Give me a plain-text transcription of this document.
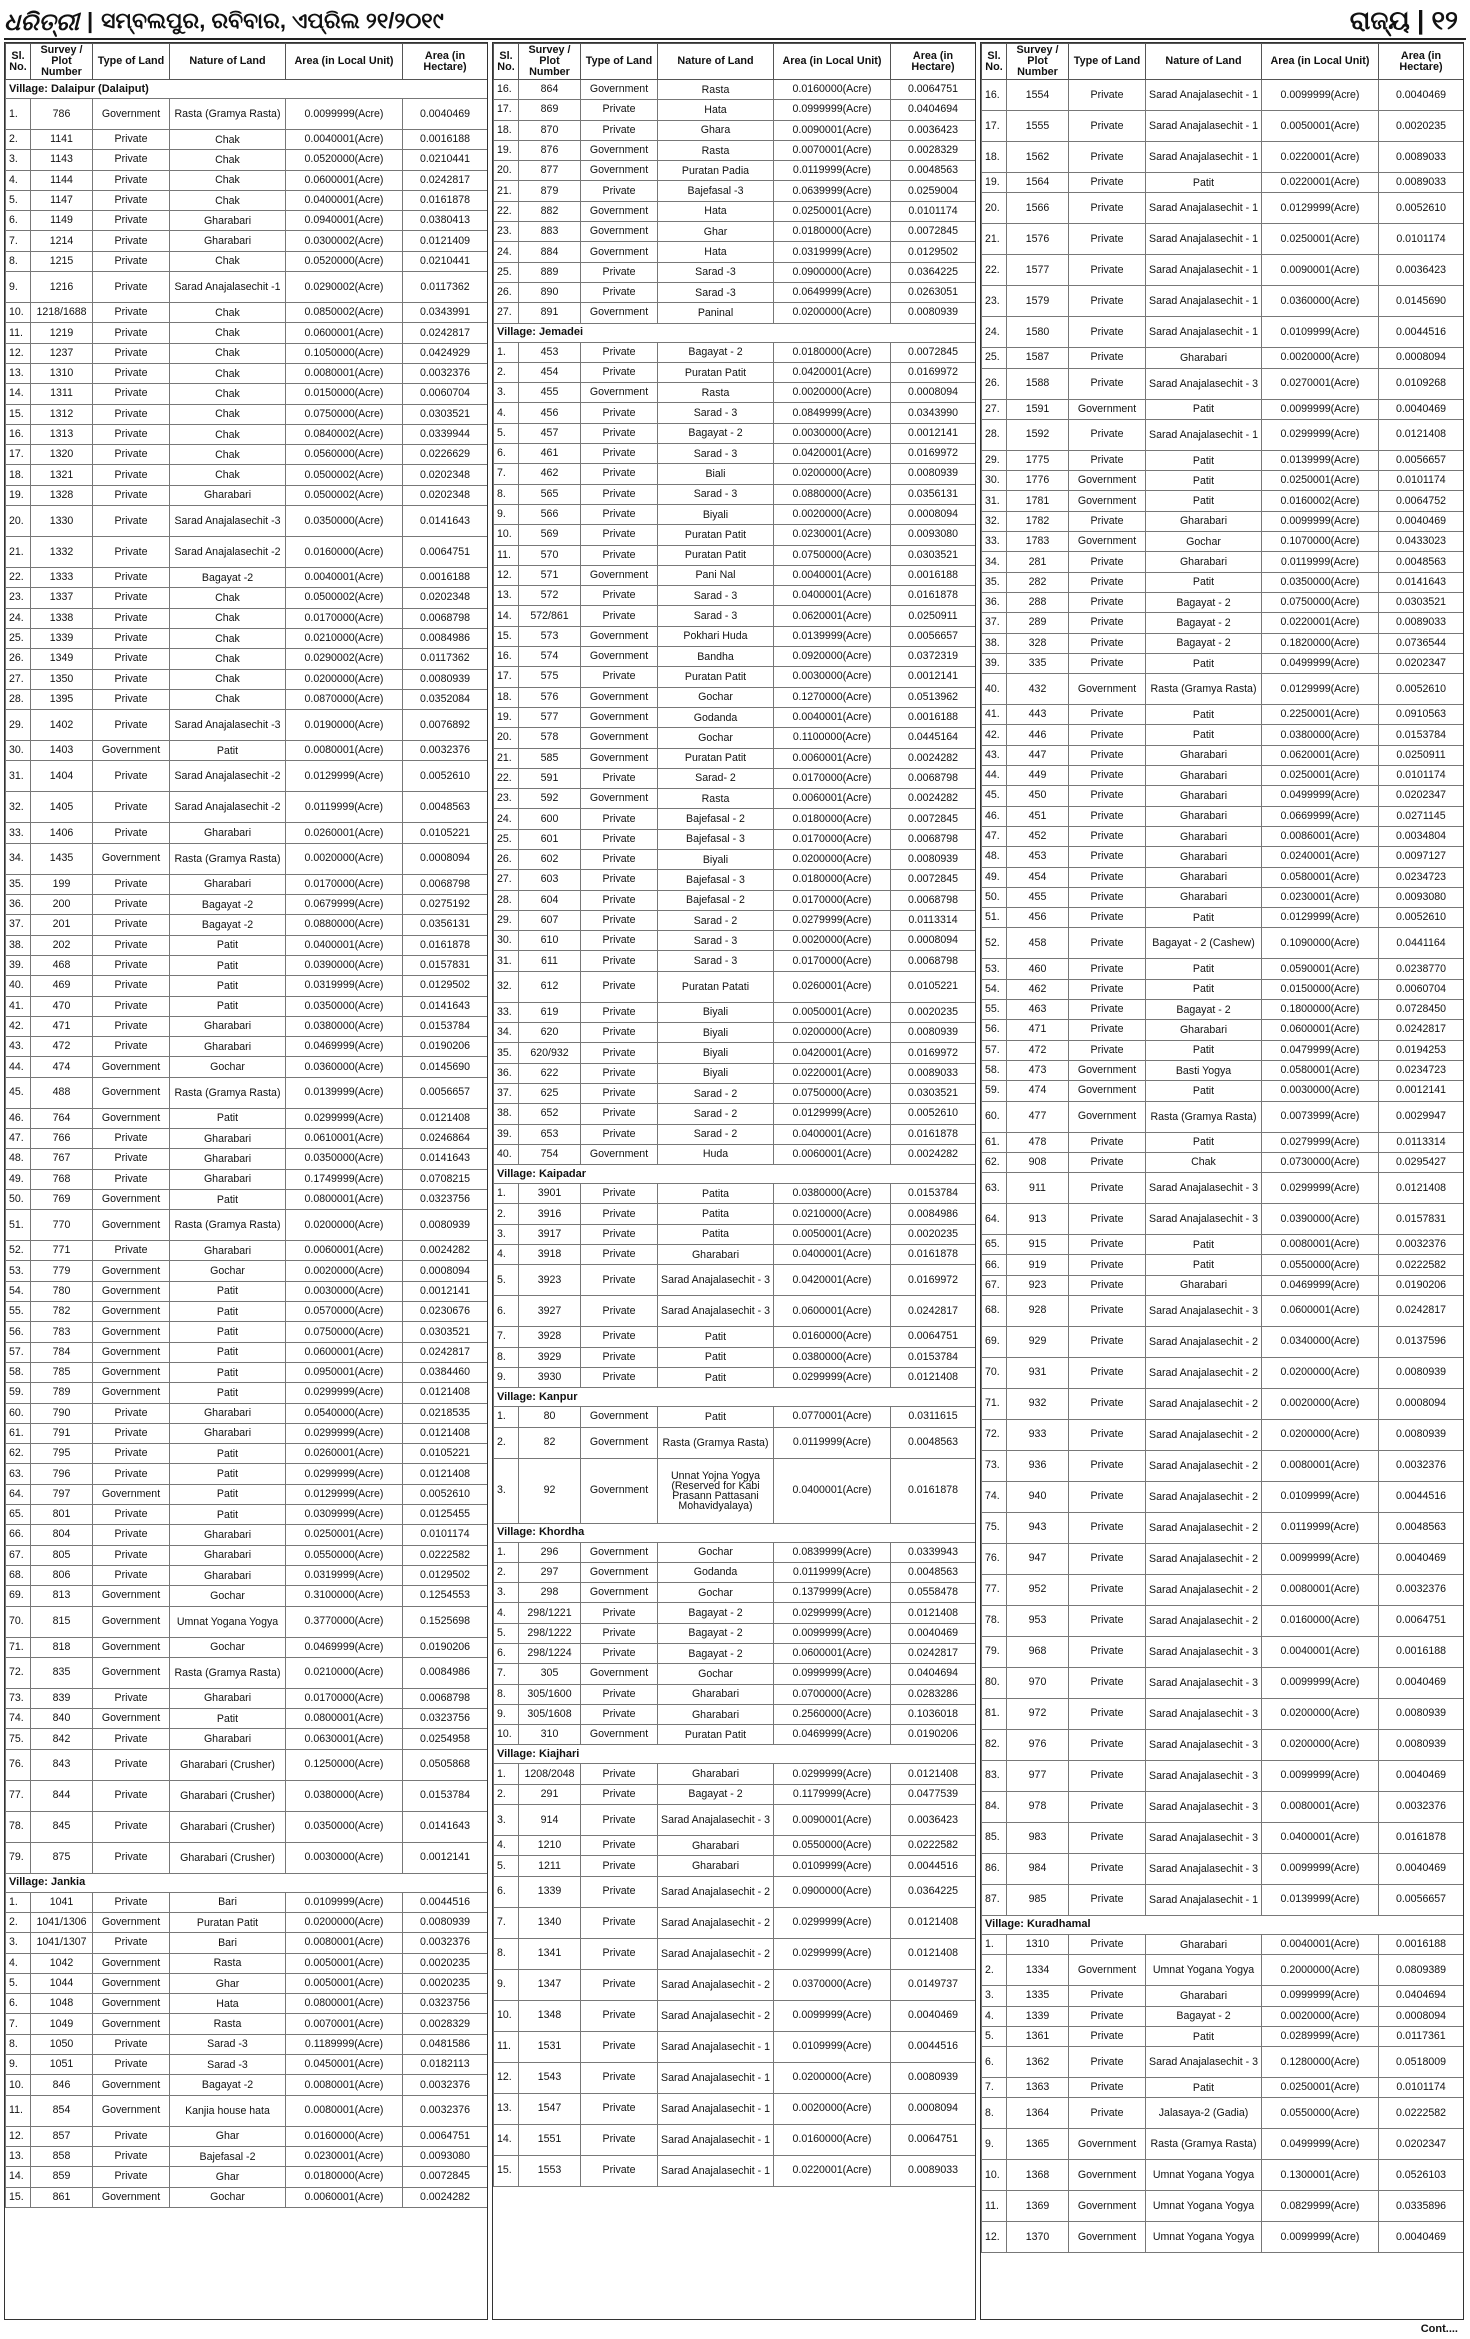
ଧରିତ୍ରୀ | ସମ୍ବଲପୁର, ରବିବାର, ଏପ୍ରିଲ ୨୧/୨୦୧୯	ରାଜ୍ୟ | ୧୨
Sl. No.	Survey / Plot Number	Type of Land	Nature of Land	Area (in Local Unit)	Area (in Hectare)
Village: Dalaipur (Dalaiput)					
1.	786	Government	Rasta (Gramya Rasta)	0.0099999(Acre)	0.0040469
2.	1141	Private	Chak	0.0040001(Acre)	0.0016188
3.	1143	Private	Chak	0.0520000(Acre)	0.0210441
4.	1144	Private	Chak	0.0600001(Acre)	0.0242817
5.	1147	Private	Chak	0.0400001(Acre)	0.0161878
6.	1149	Private	Gharabari	0.0940001(Acre)	0.0380413
7.	1214	Private	Gharabari	0.0300002(Acre)	0.0121409
8.	1215	Private	Chak	0.0520000(Acre)	0.0210441
9.	1216	Private	Sarad Anajalasechit -1	0.0290002(Acre)	0.0117362
10.	1218/1688	Private	Chak	0.0850002(Acre)	0.0343991
11.	1219	Private	Chak	0.0600001(Acre)	0.0242817
12.	1237	Private	Chak	0.1050000(Acre)	0.0424929
13.	1310	Private	Chak	0.0080001(Acre)	0.0032376
14.	1311	Private	Chak	0.0150000(Acre)	0.0060704
15.	1312	Private	Chak	0.0750000(Acre)	0.0303521
16.	1313	Private	Chak	0.0840002(Acre)	0.0339944
17.	1320	Private	Chak	0.0560000(Acre)	0.0226629
18.	1321	Private	Chak	0.0500002(Acre)	0.0202348
19.	1328	Private	Gharabari	0.0500002(Acre)	0.0202348
20.	1330	Private	Sarad Anajalasechit -3	0.0350000(Acre)	0.0141643
21.	1332	Private	Sarad Anajalasechit -2	0.0160000(Acre)	0.0064751
22.	1333	Private	Bagayat -2	0.0040001(Acre)	0.0016188
23.	1337	Private	Chak	0.0500002(Acre)	0.0202348
24.	1338	Private	Chak	0.0170000(Acre)	0.0068798
25.	1339	Private	Chak	0.0210000(Acre)	0.0084986
26.	1349	Private	Chak	0.0290002(Acre)	0.0117362
27.	1350	Private	Chak	0.0200000(Acre)	0.0080939
28.	1395	Private	Chak	0.0870000(Acre)	0.0352084
29.	1402	Private	Sarad Anajalasechit -3	0.0190000(Acre)	0.0076892
30.	1403	Government	Patit	0.0080001(Acre)	0.0032376
31.	1404	Private	Sarad Anajalasechit -2	0.0129999(Acre)	0.0052610
32.	1405	Private	Sarad Anajalasechit -2	0.0119999(Acre)	0.0048563
33.	1406	Private	Gharabari	0.0260001(Acre)	0.0105221
34.	1435	Government	Rasta (Gramya Rasta)	0.0020000(Acre)	0.0008094
35.	199	Private	Gharabari	0.0170000(Acre)	0.0068798
36.	200	Private	Bagayat -2	0.0679999(Acre)	0.0275192
37.	201	Private	Bagayat -2	0.0880000(Acre)	0.0356131
38.	202	Private	Patit	0.0400001(Acre)	0.0161878
39.	468	Private	Patit	0.0390000(Acre)	0.0157831
40.	469	Private	Patit	0.0319999(Acre)	0.0129502
41.	470	Private	Patit	0.0350000(Acre)	0.0141643
42.	471	Private	Gharabari	0.0380000(Acre)	0.0153784
43.	472	Private	Gharabari	0.0469999(Acre)	0.0190206
44.	474	Government	Gochar	0.0360000(Acre)	0.0145690
45.	488	Government	Rasta (Gramya Rasta)	0.0139999(Acre)	0.0056657
46.	764	Government	Patit	0.0299999(Acre)	0.0121408
47.	766	Private	Gharabari	0.0610001(Acre)	0.0246864
48.	767	Private	Gharabari	0.0350000(Acre)	0.0141643
49.	768	Private	Gharabari	0.1749999(Acre)	0.0708215
50.	769	Government	Patit	0.0800001(Acre)	0.0323756
51.	770	Government	Rasta (Gramya Rasta)	0.0200000(Acre)	0.0080939
52.	771	Private	Gharabari	0.0060001(Acre)	0.0024282
53.	779	Government	Gochar	0.0020000(Acre)	0.0008094
54.	780	Government	Patit	0.0030000(Acre)	0.0012141
55.	782	Government	Patit	0.0570000(Acre)	0.0230676
56.	783	Government	Patit	0.0750000(Acre)	0.0303521
57.	784	Government	Patit	0.0600001(Acre)	0.0242817
58.	785	Government	Patit	0.0950001(Acre)	0.0384460
59.	789	Government	Patit	0.0299999(Acre)	0.0121408
60.	790	Private	Gharabari	0.0540000(Acre)	0.0218535
61.	791	Private	Gharabari	0.0299999(Acre)	0.0121408
62.	795	Private	Patit	0.0260001(Acre)	0.0105221
63.	796	Private	Patit	0.0299999(Acre)	0.0121408
64.	797	Government	Patit	0.0129999(Acre)	0.0052610
65.	801	Private	Patit	0.0309999(Acre)	0.0125455
66.	804	Private	Gharabari	0.0250001(Acre)	0.0101174
67.	805	Private	Gharabari	0.0550000(Acre)	0.0222582
68.	806	Private	Gharabari	0.0319999(Acre)	0.0129502
69.	813	Government	Gochar	0.3100000(Acre)	0.1254553
70.	815	Government	Umnat Yogana Yogya	0.3770000(Acre)	0.1525698
71.	818	Government	Gochar	0.0469999(Acre)	0.0190206
72.	835	Government	Rasta (Gramya Rasta)	0.0210000(Acre)	0.0084986
73.	839	Private	Gharabari	0.0170000(Acre)	0.0068798
74.	840	Government	Patit	0.0800001(Acre)	0.0323756
75.	842	Private	Gharabari	0.0630001(Acre)	0.0254958
76.	843	Private	Gharabari (Crusher)	0.1250000(Acre)	0.0505868
77.	844	Private	Gharabari (Crusher)	0.0380000(Acre)	0.0153784
78.	845	Private	Gharabari (Crusher)	0.0350000(Acre)	0.0141643
79.	875	Private	Gharabari (Crusher)	0.0030000(Acre)	0.0012141
Village: Jankia					
1.	1041	Private	Bari	0.0109999(Acre)	0.0044516
2.	1041/1306	Government	Puratan Patit	0.0200000(Acre)	0.0080939
3.	1041/1307	Private	Bari	0.0080001(Acre)	0.0032376
4.	1042	Government	Rasta	0.0050001(Acre)	0.0020235
5.	1044	Government	Ghar	0.0050001(Acre)	0.0020235
6.	1048	Government	Hata	0.0800001(Acre)	0.0323756
7.	1049	Government	Rasta	0.0070001(Acre)	0.0028329
8.	1050	Private	Sarad -3	0.1189999(Acre)	0.0481586
9.	1051	Private	Sarad -3	0.0450001(Acre)	0.0182113
10.	846	Government	Bagayat -2	0.0080001(Acre)	0.0032376
11.	854	Government	Kanjia house hata	0.0080001(Acre)	0.0032376
12.	857	Private	Ghar	0.0160000(Acre)	0.0064751
13.	858	Private	Bajefasal -2	0.0230001(Acre)	0.0093080
14.	859	Private	Ghar	0.0180000(Acre)	0.0072845
15.	861	Government	Gochar	0.0060001(Acre)	0.0024282
Sl. No.	Survey / Plot Number	Type of Land	Nature of Land	Area (in Local Unit)	Area (in Hectare)
16.	864	Government	Rasta	0.0160000(Acre)	0.0064751
17.	869	Private	Hata	0.0999999(Acre)	0.0404694
18.	870	Private	Ghara	0.0090001(Acre)	0.0036423
19.	876	Government	Rasta	0.0070001(Acre)	0.0028329
20.	877	Government	Puratan Padia	0.0119999(Acre)	0.0048563
21.	879	Private	Bajefasal -3	0.0639999(Acre)	0.0259004
22.	882	Government	Hata	0.0250001(Acre)	0.0101174
23.	883	Government	Ghar	0.0180000(Acre)	0.0072845
24.	884	Government	Hata	0.0319999(Acre)	0.0129502
25.	889	Private	Sarad -3	0.0900000(Acre)	0.0364225
26.	890	Private	Sarad -3	0.0649999(Acre)	0.0263051
27.	891	Government	Paninal	0.0200000(Acre)	0.0080939
Village: Jemadei					
1.	453	Private	Bagayat - 2	0.0180000(Acre)	0.0072845
2.	454	Private	Puratan Patit	0.0420001(Acre)	0.0169972
3.	455	Government	Rasta	0.0020000(Acre)	0.0008094
4.	456	Private	Sarad - 3	0.0849999(Acre)	0.0343990
5.	457	Private	Bagayat - 2	0.0030000(Acre)	0.0012141
6.	461	Private	Sarad - 3	0.0420001(Acre)	0.0169972
7.	462	Private	Biali	0.0200000(Acre)	0.0080939
8.	565	Private	Sarad - 3	0.0880000(Acre)	0.0356131
9.	566	Private	Biyali	0.0020000(Acre)	0.0008094
10.	569	Private	Puratan Patit	0.0230001(Acre)	0.0093080
11.	570	Private	Puratan Patit	0.0750000(Acre)	0.0303521
12.	571	Government	Pani Nal	0.0040001(Acre)	0.0016188
13.	572	Private	Sarad - 3	0.0400001(Acre)	0.0161878
14.	572/861	Private	Sarad - 3	0.0620001(Acre)	0.0250911
15.	573	Government	Pokhari Huda	0.0139999(Acre)	0.0056657
16.	574	Government	Bandha	0.0920000(Acre)	0.0372319
17.	575	Private	Puratan Patit	0.0030000(Acre)	0.0012141
18.	576	Government	Gochar	0.1270000(Acre)	0.0513962
19.	577	Government	Godanda	0.0040001(Acre)	0.0016188
20.	578	Government	Gochar	0.1100000(Acre)	0.0445164
21.	585	Government	Puratan Patit	0.0060001(Acre)	0.0024282
22.	591	Private	Sarad- 2	0.0170000(Acre)	0.0068798
23.	592	Government	Rasta	0.0060001(Acre)	0.0024282
24.	600	Private	Bajefasal - 2	0.0180000(Acre)	0.0072845
25.	601	Private	Bajefasal - 3	0.0170000(Acre)	0.0068798
26.	602	Private	Biyali	0.0200000(Acre)	0.0080939
27.	603	Private	Bajefasal - 3	0.0180000(Acre)	0.0072845
28.	604	Private	Bajefasal - 2	0.0170000(Acre)	0.0068798
29.	607	Private	Sarad - 2	0.0279999(Acre)	0.0113314
30.	610	Private	Sarad - 3	0.0020000(Acre)	0.0008094
31.	611	Private	Sarad - 3	0.0170000(Acre)	0.0068798
32.	612	Private	Puratan Patati	0.0260001(Acre)	0.0105221
33.	619	Private	Biyali	0.0050001(Acre)	0.0020235
34.	620	Private	Biyali	0.0200000(Acre)	0.0080939
35.	620/932	Private	Biyali	0.0420001(Acre)	0.0169972
36.	622	Private	Biyali	0.0220001(Acre)	0.0089033
37.	625	Private	Sarad - 2	0.0750000(Acre)	0.0303521
38.	652	Private	Sarad - 2	0.0129999(Acre)	0.0052610
39.	653	Private	Sarad - 2	0.0400001(Acre)	0.0161878
40.	754	Government	Huda	0.0060001(Acre)	0.0024282
Village: Kaipadar					
1.	3901	Private	Patita	0.0380000(Acre)	0.0153784
2.	3916	Private	Patita	0.0210000(Acre)	0.0084986
3.	3917	Private	Patita	0.0050001(Acre)	0.0020235
4.	3918	Private	Gharabari	0.0400001(Acre)	0.0161878
5.	3923	Private	Sarad Anajalasechit - 3	0.0420001(Acre)	0.0169972
6.	3927	Private	Sarad Anajalasechit - 3	0.0600001(Acre)	0.0242817
7.	3928	Private	Patit	0.0160000(Acre)	0.0064751
8.	3929	Private	Patit	0.0380000(Acre)	0.0153784
9.	3930	Private	Patit	0.0299999(Acre)	0.0121408
Village: Kanpur					
1.	80	Government	Patit	0.0770001(Acre)	0.0311615
2.	82	Government	Rasta (Gramya Rasta)	0.0119999(Acre)	0.0048563
3.	92	Government	Unnat Yojna Yogya (Reserved for Kabi Prasann Pattasani Mohavidyalaya)	0.0400001(Acre)	0.0161878
Village: Khordha					
1.	296	Government	Gochar	0.0839999(Acre)	0.0339943
2.	297	Government	Godanda	0.0119999(Acre)	0.0048563
3.	298	Government	Gochar	0.1379999(Acre)	0.0558478
4.	298/1221	Private	Bagayat - 2	0.0299999(Acre)	0.0121408
5.	298/1222	Private	Bagayat - 2	0.0099999(Acre)	0.0040469
6.	298/1224	Private	Bagayat - 2	0.0600001(Acre)	0.0242817
7.	305	Government	Gochar	0.0999999(Acre)	0.0404694
8.	305/1600	Private	Gharabari	0.0700000(Acre)	0.0283286
9.	305/1608	Private	Gharabari	0.2560000(Acre)	0.1036018
10.	310	Government	Puratan Patit	0.0469999(Acre)	0.0190206
Village: Kiajhari					
1.	1208/2048	Private	Gharabari	0.0299999(Acre)	0.0121408
2.	291	Private	Bagayat - 2	0.1179999(Acre)	0.0477539
3.	914	Private	Sarad Anajalasechit - 3	0.0090001(Acre)	0.0036423
4.	1210	Private	Gharabari	0.0550000(Acre)	0.0222582
5.	1211	Private	Gharabari	0.0109999(Acre)	0.0044516
6.	1339	Private	Sarad Anajalasechit - 2	0.0900000(Acre)	0.0364225
7.	1340	Private	Sarad Anajalasechit - 2	0.0299999(Acre)	0.0121408
8.	1341	Private	Sarad Anajalasechit - 2	0.0299999(Acre)	0.0121408
9.	1347	Private	Sarad Anajalasechit - 2	0.0370000(Acre)	0.0149737
10.	1348	Private	Sarad Anajalasechit - 2	0.0099999(Acre)	0.0040469
11.	1531	Private	Sarad Anajalasechit - 1	0.0109999(Acre)	0.0044516
12.	1543	Private	Sarad Anajalasechit - 1	0.0200000(Acre)	0.0080939
13.	1547	Private	Sarad Anajalasechit - 1	0.0020000(Acre)	0.0008094
14.	1551	Private	Sarad Anajalasechit - 1	0.0160000(Acre)	0.0064751
15.	1553	Private	Sarad Anajalasechit - 1	0.0220001(Acre)	0.0089033
Sl. No.	Survey / Plot Number	Type of Land	Nature of Land	Area (in Local Unit)	Area (in Hectare)
16.	1554	Private	Sarad Anajalasechit - 1	0.0099999(Acre)	0.0040469
17.	1555	Private	Sarad Anajalasechit - 1	0.0050001(Acre)	0.0020235
18.	1562	Private	Sarad Anajalasechit - 1	0.0220001(Acre)	0.0089033
19.	1564	Private	Patit	0.0220001(Acre)	0.0089033
20.	1566	Private	Sarad Anajalasechit - 1	0.0129999(Acre)	0.0052610
21.	1576	Private	Sarad Anajalasechit - 1	0.0250001(Acre)	0.0101174
22.	1577	Private	Sarad Anajalasechit - 1	0.0090001(Acre)	0.0036423
23.	1579	Private	Sarad Anajalasechit - 1	0.0360000(Acre)	0.0145690
24.	1580	Private	Sarad Anajalasechit - 1	0.0109999(Acre)	0.0044516
25.	1587	Private	Gharabari	0.0020000(Acre)	0.0008094
26.	1588	Private	Sarad Anajalasechit - 3	0.0270001(Acre)	0.0109268
27.	1591	Government	Patit	0.0099999(Acre)	0.0040469
28.	1592	Private	Sarad Anajalasechit - 1	0.0299999(Acre)	0.0121408
29.	1775	Private	Patit	0.0139999(Acre)	0.0056657
30.	1776	Government	Patit	0.0250001(Acre)	0.0101174
31.	1781	Government	Patit	0.0160002(Acre)	0.0064752
32.	1782	Private	Gharabari	0.0099999(Acre)	0.0040469
33.	1783	Government	Gochar	0.1070000(Acre)	0.0433023
34.	281	Private	Gharabari	0.0119999(Acre)	0.0048563
35.	282	Private	Patit	0.0350000(Acre)	0.0141643
36.	288	Private	Bagayat - 2	0.0750000(Acre)	0.0303521
37.	289	Private	Bagayat - 2	0.0220001(Acre)	0.0089033
38.	328	Private	Bagayat - 2	0.1820000(Acre)	0.0736544
39.	335	Private	Patit	0.0499999(Acre)	0.0202347
40.	432	Government	Rasta (Gramya Rasta)	0.0129999(Acre)	0.0052610
41.	443	Private	Patit	0.2250001(Acre)	0.0910563
42.	446	Private	Patit	0.0380000(Acre)	0.0153784
43.	447	Private	Gharabari	0.0620001(Acre)	0.0250911
44.	449	Private	Gharabari	0.0250001(Acre)	0.0101174
45.	450	Private	Gharabari	0.0499999(Acre)	0.0202347
46.	451	Private	Gharabari	0.0669999(Acre)	0.0271145
47.	452	Private	Gharabari	0.0086001(Acre)	0.0034804
48.	453	Private	Gharabari	0.0240001(Acre)	0.0097127
49.	454	Private	Gharabari	0.0580001(Acre)	0.0234723
50.	455	Private	Gharabari	0.0230001(Acre)	0.0093080
51.	456	Private	Patit	0.0129999(Acre)	0.0052610
52.	458	Private	Bagayat - 2 (Cashew)	0.1090000(Acre)	0.0441164
53.	460	Private	Patit	0.0590001(Acre)	0.0238770
54.	462	Private	Patit	0.0150000(Acre)	0.0060704
55.	463	Private	Bagayat - 2	0.1800000(Acre)	0.0728450
56.	471	Private	Gharabari	0.0600001(Acre)	0.0242817
57.	472	Private	Patit	0.0479999(Acre)	0.0194253
58.	473	Government	Basti Yogya	0.0580001(Acre)	0.0234723
59.	474	Government	Patit	0.0030000(Acre)	0.0012141
60.	477	Government	Rasta (Gramya Rasta)	0.0073999(Acre)	0.0029947
61.	478	Private	Patit	0.0279999(Acre)	0.0113314
62.	908	Private	Chak	0.0730000(Acre)	0.0295427
63.	911	Private	Sarad Anajalasechit - 3	0.0299999(Acre)	0.0121408
64.	913	Private	Sarad Anajalasechit - 3	0.0390000(Acre)	0.0157831
65.	915	Private	Patit	0.0080001(Acre)	0.0032376
66.	919	Private	Patit	0.0550000(Acre)	0.0222582
67.	923	Private	Gharabari	0.0469999(Acre)	0.0190206
68.	928	Private	Sarad Anajalasechit - 3	0.0600001(Acre)	0.0242817
69.	929	Private	Sarad Anajalasechit - 2	0.0340000(Acre)	0.0137596
70.	931	Private	Sarad Anajalasechit - 2	0.0200000(Acre)	0.0080939
71.	932	Private	Sarad Anajalasechit - 2	0.0020000(Acre)	0.0008094
72.	933	Private	Sarad Anajalasechit - 2	0.0200000(Acre)	0.0080939
73.	936	Private	Sarad Anajalasechit - 2	0.0080001(Acre)	0.0032376
74.	940	Private	Sarad Anajalasechit - 2	0.0109999(Acre)	0.0044516
75.	943	Private	Sarad Anajalasechit - 2	0.0119999(Acre)	0.0048563
76.	947	Private	Sarad Anajalasechit - 2	0.0099999(Acre)	0.0040469
77.	952	Private	Sarad Anajalasechit - 2	0.0080001(Acre)	0.0032376
78.	953	Private	Sarad Anajalasechit - 2	0.0160000(Acre)	0.0064751
79.	968	Private	Sarad Anajalasechit - 3	0.0040001(Acre)	0.0016188
80.	970	Private	Sarad Anajalasechit - 3	0.0099999(Acre)	0.0040469
81.	972	Private	Sarad Anajalasechit - 3	0.0200000(Acre)	0.0080939
82.	976	Private	Sarad Anajalasechit - 3	0.0200000(Acre)	0.0080939
83.	977	Private	Sarad Anajalasechit - 3	0.0099999(Acre)	0.0040469
84.	978	Private	Sarad Anajalasechit - 3	0.0080001(Acre)	0.0032376
85.	983	Private	Sarad Anajalasechit - 3	0.0400001(Acre)	0.0161878
86.	984	Private	Sarad Anajalasechit - 3	0.0099999(Acre)	0.0040469
87.	985	Private	Sarad Anajalasechit - 1	0.0139999(Acre)	0.0056657
Village: Kuradhamal					
1.	1310	Private	Gharabari	0.0040001(Acre)	0.0016188
2.	1334	Government	Umnat Yogana Yogya	0.2000000(Acre)	0.0809389
3.	1335	Private	Gharabari	0.0999999(Acre)	0.0404694
4.	1339	Private	Bagayat - 2	0.0020000(Acre)	0.0008094
5.	1361	Private	Patit	0.0289999(Acre)	0.0117361
6.	1362	Private	Sarad Anajalasechit - 3	0.1280000(Acre)	0.0518009
7.	1363	Private	Patit	0.0250001(Acre)	0.0101174
8.	1364	Private	Jalasaya-2 (Gadia)	0.0550000(Acre)	0.0222582
9.	1365	Government	Rasta (Gramya Rasta)	0.0499999(Acre)	0.0202347
10.	1368	Government	Umnat Yogana Yogya	0.1300001(Acre)	0.0526103
11.	1369	Government	Umnat Yogana Yogya	0.0829999(Acre)	0.0335896
12.	1370	Government	Umnat Yogana Yogya	0.0099999(Acre)	0.0040469
Cont....
